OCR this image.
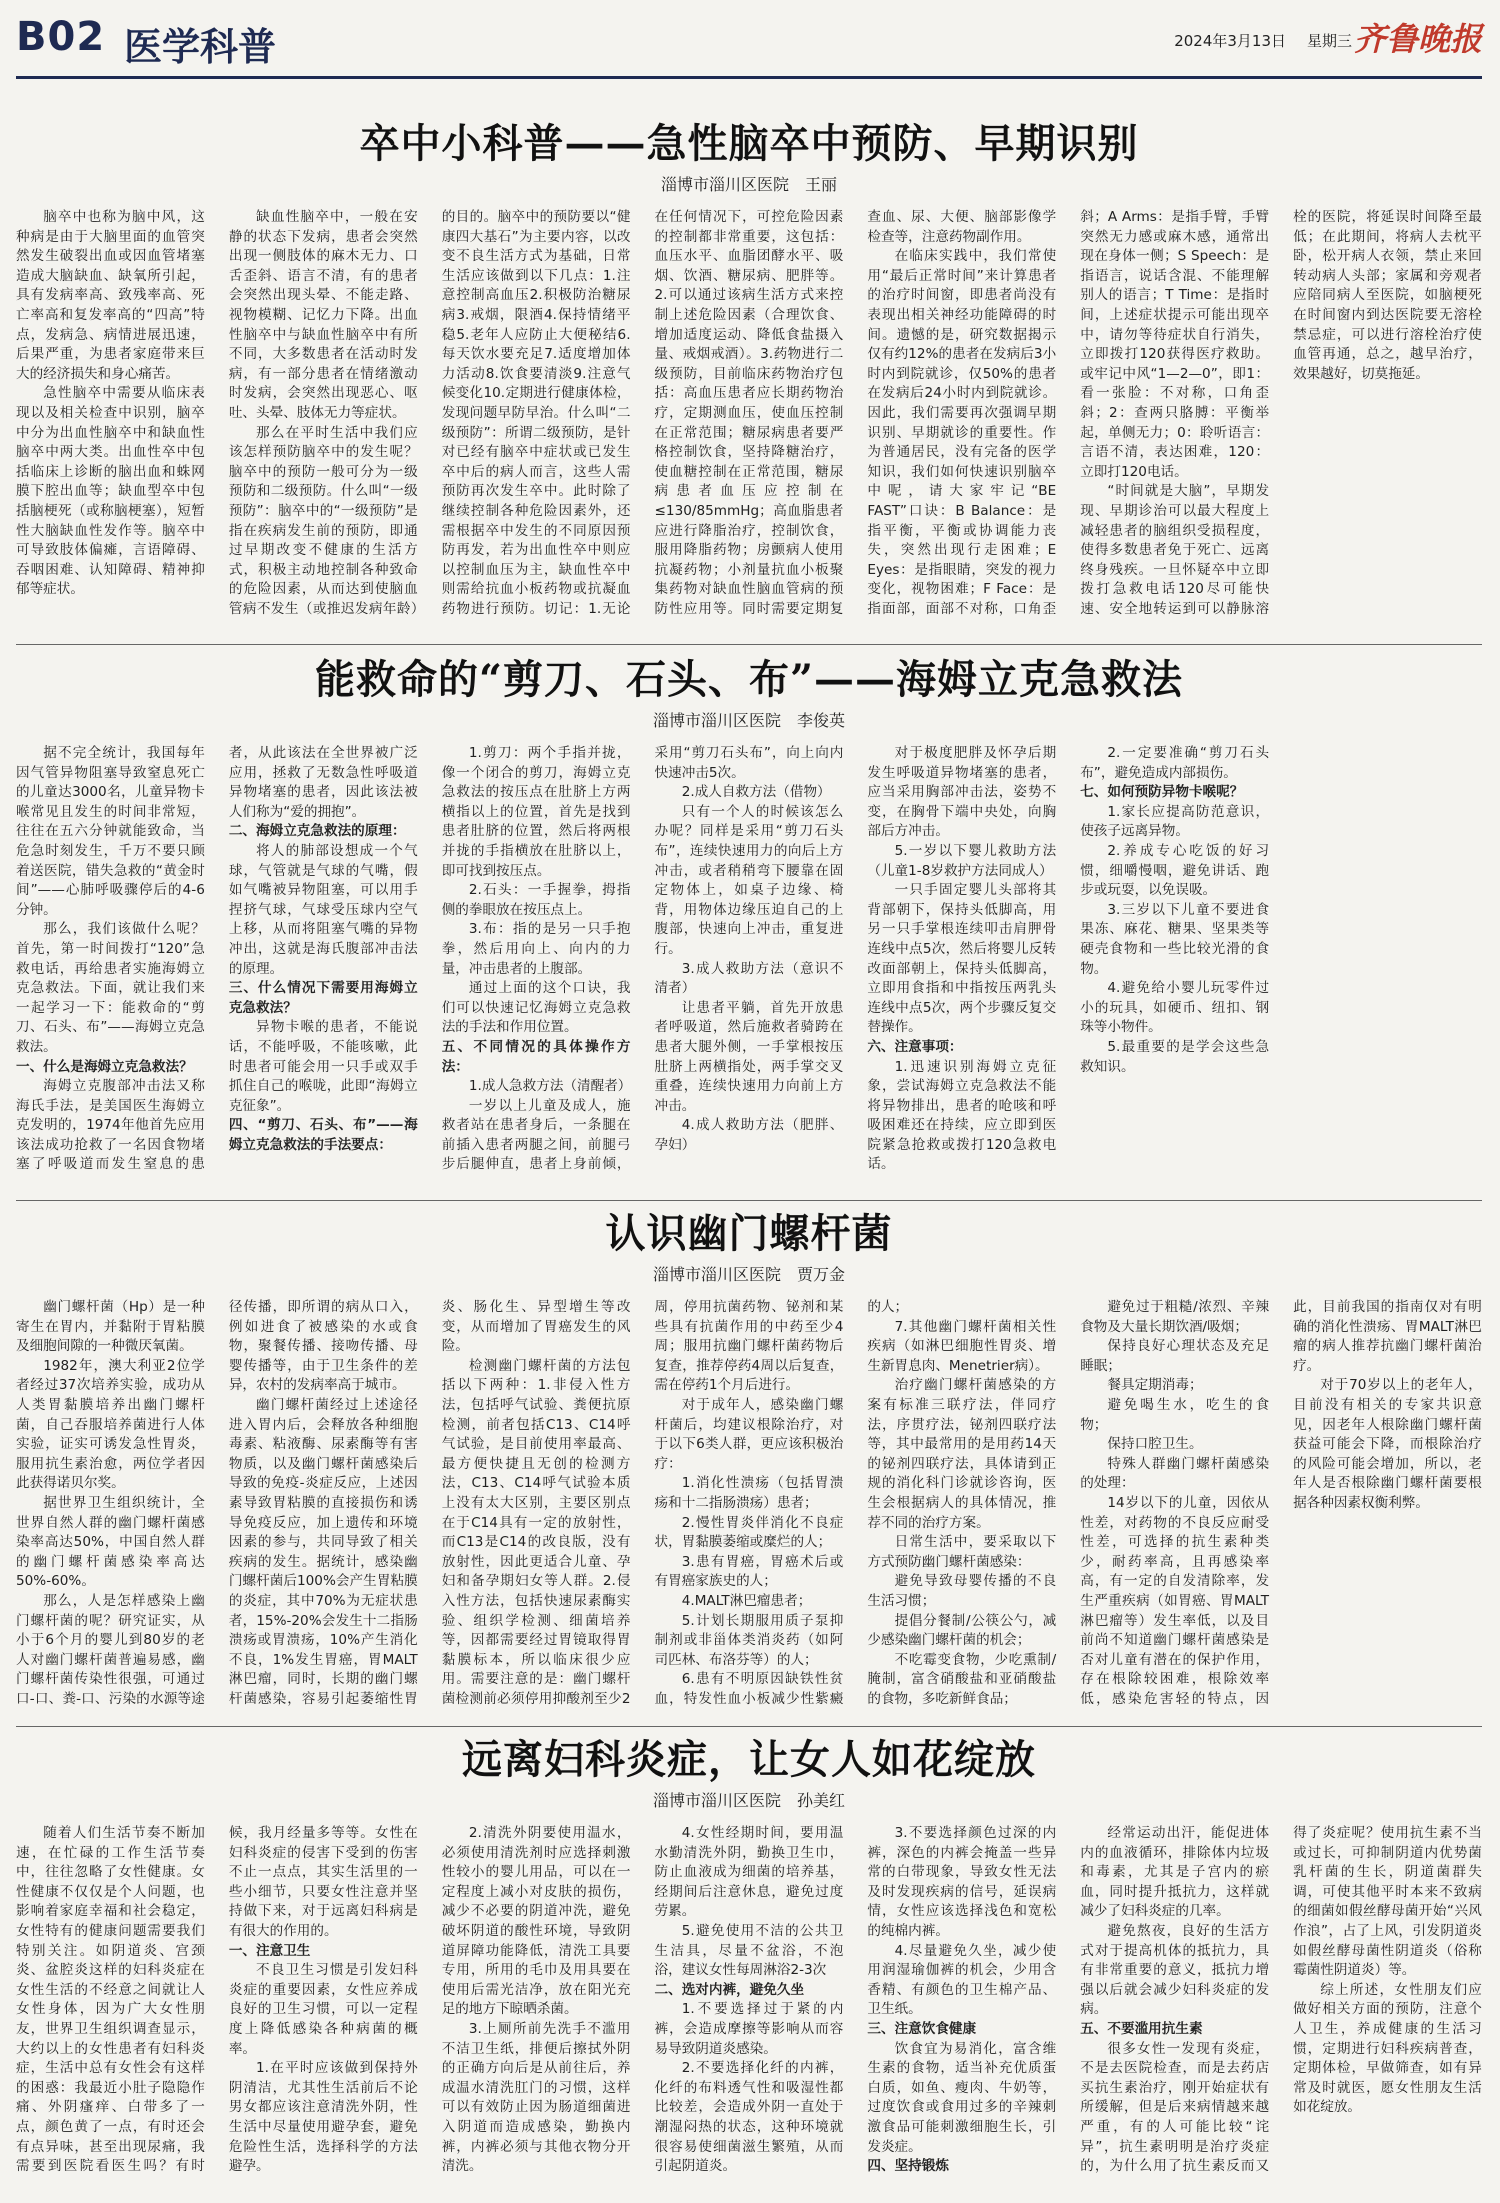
B02 医学科普	2024年3月13日 星期三 齐鲁晚报
卒中小科普——急性脑卒中预防、早期识别
淄博市淄川区医院　王丽

脑卒中也称为脑中风，这种病是由于大脑里面的血管突然发生破裂出血或因血管堵塞造成大脑缺血、缺氧所引起，具有发病率高、致残率高、死亡率高和复发率高的“四高”特点，发病急、病情进展迅速，后果严重，为患者家庭带来巨大的经济损失和身心痛苦。

急性脑卒中需要从临床表现以及相关检查中识别，脑卒中分为出血性脑卒中和缺血性脑卒中两大类。出血性卒中包括临床上诊断的脑出血和蛛网膜下腔出血等；缺血型卒中包括脑梗死（或称脑梗塞），短暂性大脑缺血性发作等。脑卒中可导致肢体偏瘫，言语障碍、吞咽困难、认知障碍、精神抑郁等症状。

缺血性脑卒中，一般在安静的状态下发病，患者会突然出现一侧肢体的麻木无力、口舌歪斜、语言不清，有的患者会突然出现头晕、不能走路、视物模糊、记忆力下降。出血性脑卒中与缺血性脑卒中有所不同，大多数患者在活动时发病，有一部分患者在情绪激动时发病，会突然出现恶心、呕吐、头晕、肢体无力等症状。

那么在平时生活中我们应该怎样预防脑卒中的发生呢？脑卒中的预防一般可分为一级预防和二级预防。什么叫“一级预防”：脑卒中的“一级预防”是指在疾病发生前的预防，即通过早期改变不健康的生活方式，积极主动地控制各种致命的危险因素，从而达到使脑血管病不发生（或推迟发病年龄）的目的。脑卒中的预防要以“健康四大基石”为主要内容，以改变不良生活方式为基础，日常生活应该做到以下几点：1.注意控制高血压2.积极防治糖尿病3.戒烟，限酒4.保持情绪平稳5.老年人应防止大便秘结6.每天饮水要充足7.适度增加体力活动8.饮食要清淡9.注意气候变化10.定期进行健康体检，发现问题早防早治。什么叫“二级预防”：所谓二级预防，是针对已经有脑卒中症状或已发生卒中后的病人而言，这些人需预防再次发生卒中。此时除了继续控制各种危险因素外，还需根据卒中发生的不同原因预防再发，若为出血性卒中则应以控制血压为主，缺血性卒中则需给抗血小板药物或抗凝血药物进行预防。切记：1.无论在任何情况下，可控危险因素的控制都非常重要，这包括：血压水平、血脂团酵水平、吸烟、饮酒、糖尿病、肥胖等。2.可以通过该病生活方式来控制上述危险因素（合理饮食、增加适度运动、降低食盐摄入量、戒烟戒酒）。3.药物进行二级预防，目前临床药物治疗包括：高血压患者应长期药物治疗，定期测血压，使血压控制在正常范围；糖尿病患者要严格控制饮食，坚持降糖治疗，使血糖控制在正常范围，糖尿病患者血压应控制在≤130/85mmHg；高血脂患者应进行降脂治疗，控制饮食，服用降脂药物；房颤病人使用抗凝药物；小剂量抗血小板聚集药物对缺血性脑血管病的预防性应用等。同时需要定期复查血、尿、大便、脑部影像学检查等，注意药物副作用。

在临床实践中，我们常使用“最后正常时间”来计算患者的治疗时间窗，即患者尚没有表现出相关神经功能障碍的时间。遗憾的是，研究数据揭示仅有约12%的患者在发病后3小时内到院就诊，仅50%的患者在发病后24小时内到院就诊。因此，我们需要再次强调早期识别、早期就诊的重要性。作为普通居民，没有完备的医学知识，我们如何快速识别脑卒中呢，请大家牢记“BE FAST”口诀：B Balance：是指平衡，平衡或协调能力丧失，突然出现行走困难；E Eyes：是指眼睛，突发的视力变化，视物困难；F Face：是指面部，面部不对称，口角歪斜；A Arms：是指手臂，手臂突然无力感或麻木感，通常出现在身体一侧；S Speech：是指语言，说话含混、不能理解别人的语言；T Time：是指时间，上述症状提示可能出现卒中，请勿等待症状自行消失，立即拨打120获得医疗救助。或牢记中风“1—2—0”，即1：看一张脸：不对称，口角歪斜；2：查两只胳膊：平衡举起，单侧无力；0：聆听语言：言语不清，表达困难，120：立即打120电话。

“时间就是大脑”，早期发现、早期诊治可以最大程度上减轻患者的脑组织受损程度，使得多数患者免于死亡、远离终身残疾。一旦怀疑卒中立即拨打急救电话120尽可能快速、安全地转运到可以静脉溶栓的医院，将延误时间降至最低；在此期间，将病人去枕平卧，松开病人衣领，禁止来回转动病人头部；家属和旁观者应陪同病人至医院，如脑梗死在时间窗内到达医院要无溶栓禁忌症，可以进行溶栓治疗使血管再通，总之，越早治疗，效果越好，切莫拖延。

能救命的“剪刀、石头、布”——海姆立克急救法
淄博市淄川区医院　李俊英

据不完全统计，我国每年因气管异物阻塞导致窒息死亡的儿童达3000名，儿童异物卡喉常见且发生的时间非常短，往往在五六分钟就能致命，当危急时刻发生，千万不要只顾着送医院，错失急救的“黄金时间”——心肺呼吸骤停后的4-6分钟。

那么，我们该做什么呢？首先，第一时间拨打“120”急救电话，再给患者实施海姆立克急救法。下面，就让我们来一起学习一下：能救命的“剪刀、石头、布”——海姆立克急救法。

一、什么是海姆立克急救法？

海姆立克腹部冲击法又称海氏手法，是美国医生海姆立克发明的，1974年他首先应用该法成功抢救了一名因食物堵塞了呼吸道而发生窒息的患者，从此该法在全世界被广泛应用，拯救了无数急性呼吸道异物堵塞的患者，因此该法被人们称为“爱的拥抱”。

二、海姆立克急救法的原理：

将人的肺部设想成一个气球，气管就是气球的气嘴，假如气嘴被异物阻塞，可以用手捏挤气球，气球受压球内空气上移，从而将阻塞气嘴的异物冲出，这就是海氏腹部冲击法的原理。

三、什么情况下需要用海姆立克急救法？

异物卡喉的患者，不能说话，不能呼吸，不能咳嗽，此时患者可能会用一只手或双手抓住自己的喉咙，此即“海姆立克征象”。

四、“剪刀、石头、布”——海姆立克急救法的手法要点：

1.剪刀：两个手指并拢，像一个闭合的剪刀，海姆立克急救法的按压点在肚脐上方两横指以上的位置，首先是找到患者肚脐的位置，然后将两根并拢的手指横放在肚脐以上，即可找到按压点。

2.石头：一手握拳，拇指侧的拳眼放在按压点上。

3.布：指的是另一只手抱拳，然后用向上、向内的力量，冲击患者的上腹部。

通过上面的这个口诀，我们可以快速记忆海姆立克急救法的手法和作用位置。

五、不同情况的具体操作方法：

1.成人急救方法（清醒者）

一岁以上儿童及成人，施救者站在患者身后，一条腿在前插入患者两腿之间，前腿弓步后腿伸直，患者上身前倾，采用“剪刀石头布”，向上向内快速冲击5次。

2.成人自救方法（借物）

只有一个人的时候该怎么办呢？同样是采用“剪刀石头布”，连续快速用力的向后上方冲击，或者稍稍弯下腰靠在固定物体上，如桌子边缘、椅背，用物体边缘压迫自己的上腹部，快速向上冲击，重复进行。

3.成人救助方法（意识不清者）

让患者平躺，首先开放患者呼吸道，然后施救者骑跨在患者大腿外侧，一手掌根按压肚脐上两横指处，两手掌交叉重叠，连续快速用力向前上方冲击。

4.成人救助方法（肥胖、孕妇）

对于极度肥胖及怀孕后期发生呼吸道异物堵塞的患者，应当采用胸部冲击法，姿势不变，在胸骨下端中央处，向胸部后方冲击。

5.一岁以下婴儿救助方法（儿童1-8岁救护方法同成人）

一只手固定婴儿头部将其背部朝下，保持头低脚高，用另一只手掌根连续叩击肩胛骨连线中点5次，然后将婴儿反转改面部朝上，保持头低脚高，立即用食指和中指按压两乳头连线中点5次，两个步骤反复交替操作。

六、注意事项：

1.迅速识别海姆立克征象，尝试海姆立克急救法不能将异物排出，患者的呛咳和呼吸困难还在持续，应立即到医院紧急抢救或拨打120急救电话。

2.一定要准确“剪刀石头布”，避免造成内部损伤。

七、如何预防异物卡喉呢？

1.家长应提高防范意识，使孩子远离异物。

2.养成专心吃饭的好习惯，细嚼慢咽，避免讲话、跑步或玩耍，以免误吸。

3.三岁以下儿童不要进食果冻、麻花、糖果、坚果类等硬壳食物和一些比较光滑的食物。

4.避免给小婴儿玩零件过小的玩具，如硬币、纽扣、钢珠等小物件。

5.最重要的是学会这些急救知识。

认识幽门螺杆菌
淄博市淄川区医院　贾万金

幽门螺杆菌（Hp）是一种寄生在胃内，并黏附于胃粘膜及细胞间隙的一种微厌氧菌。

1982年，澳大利亚2位学者经过37次培养实验，成功从人类胃黏膜培养出幽门螺杆菌，自己吞服培养菌进行人体实验，证实可诱发急性胃炎，服用抗生素治愈，两位学者因此获得诺贝尔奖。

据世界卫生组织统计，全世界自然人群的幽门螺杆菌感染率高达50%，中国自然人群的幽门螺杆菌感染率高达50%-60%。

那么，人是怎样感染上幽门螺杆菌的呢？研究证实，从小于6个月的婴儿到80岁的老人对幽门螺杆菌普遍易感，幽门螺杆菌传染性很强，可通过口-口、粪-口、污染的水源等途径传播，即所谓的病从口入，例如进食了被感染的水或食物，聚餐传播、接吻传播、母婴传播等，由于卫生条件的差异，农村的发病率高于城市。

幽门螺杆菌经过上述途径进入胃内后，会释放各种细胞毒素、粘液酶、尿素酶等有害物质，以及幽门螺杆菌感染后导致的免疫-炎症反应，上述因素导致胃粘膜的直接损伤和诱导免疫反应，加上遗传和环境因素的参与，共同导致了相关疾病的发生。据统计，感染幽门螺杆菌后100%会产生胃粘膜的炎症，其中70%为无症状患者，15%-20%会发生十二指肠溃疡或胃溃疡，10%产生消化不良，1%发生胃癌，胃MALT淋巴瘤，同时，长期的幽门螺杆菌感染，容易引起萎缩性胃炎、肠化生、异型增生等改变，从而增加了胃癌发生的风险。

检测幽门螺杆菌的方法包括以下两种：1.非侵入性方法，包括呼气试验、粪便抗原检测，前者包括C13、C14呼气试验，是目前使用率最高、最方便快捷且无创的检测方法，C13、C14呼气试验本质上没有太大区别，主要区别点在于C14具有一定的放射性，而C13是C14的改良版，没有放射性，因此更适合儿童、孕妇和备孕期妇女等人群。2.侵入性方法，包括快速尿素酶实验、组织学检测、细菌培养等，因都需要经过胃镜取得胃黏膜标本，所以临床很少应用。需要注意的是：幽门螺杆菌检测前必须停用抑酸剂至少2周，停用抗菌药物、铋剂和某些具有抗菌作用的中药至少4周；服用抗幽门螺杆菌药物后复查，推荐停药4周以后复查，需在停药1个月后进行。

对于成年人，感染幽门螺杆菌后，均建议根除治疗，对于以下6类人群，更应该积极治疗：

1.消化性溃疡（包括胃溃疡和十二指肠溃疡）患者；

2.慢性胃炎伴消化不良症状，胃黏膜萎缩或糜烂的人；

3.患有胃癌，胃癌术后或有胃癌家族史的人；

4.MALT淋巴瘤患者；

5.计划长期服用质子泵抑制剂或非甾体类消炎药（如阿司匹林、布洛芬等）的人；

6.患有不明原因缺铁性贫血，特发性血小板减少性紫癜的人；

7.其他幽门螺杆菌相关性疾病（如淋巴细胞性胃炎、增生新胃息肉、Menetrier病）。

治疗幽门螺杆菌感染的方案有标准三联疗法，伴同疗法，序贯疗法，铋剂四联疗法等，其中最常用的是用药14天的铋剂四联疗法，具体请到正规的消化科门诊就诊咨询，医生会根据病人的具体情况，推荐不同的治疗方案。

日常生活中，要采取以下方式预防幽门螺杆菌感染：

避免导致母婴传播的不良生活习惯；

提倡分餐制/公筷公勺，减少感染幽门螺杆菌的机会；

不吃霉变食物，少吃熏制/腌制，富含硝酸盐和亚硝酸盐的食物，多吃新鲜食品；

避免过于粗糙/浓烈、辛辣食物及大量长期饮酒/吸烟；

保持良好心理状态及充足睡眠；

餐具定期消毒；

避免喝生水，吃生的食物；

保持口腔卫生。

特殊人群幽门螺杆菌感染的处理：

14岁以下的儿童，因依从性差，对药物的不良反应耐受性差，可选择的抗生素种类少，耐药率高，且再感染率高，有一定的自发清除率，发生严重疾病（如胃癌、胃MALT淋巴瘤等）发生率低，以及目前尚不知道幽门螺杆菌感染是否对儿童有潜在的保护作用，存在根除较困难，根除效率低，感染危害轻的特点，因此，目前我国的指南仅对有明确的消化性溃疡、胃MALT淋巴瘤的病人推荐抗幽门螺杆菌治疗。

对于70岁以上的老年人，目前没有相关的专家共识意见，因老年人根除幽门螺杆菌获益可能会下降，而根除治疗的风险可能会增加，所以，老年人是否根除幽门螺杆菌要根据各种因素权衡利弊。

远离妇科炎症，让女人如花绽放
淄博市淄川区医院　孙美红

随着人们生活节奏不断加速，在忙碌的工作生活节奏中，往往忽略了女性健康。女性健康不仅仅是个人问题，也影响着家庭幸福和社会稳定，女性特有的健康问题需要我们特别关注。如阴道炎、宫颈炎、盆腔炎这样的妇科炎症在女性生活的不经意之间就让人女性身体，因为广大女性朋友，世界卫生组织调查显示，大约以上的女性患者有妇科炎症，生活中总有女性会有这样的困惑：我最近小肚子隐隐作痛、外阴瘙痒、白带多了一点，颜色黄了一点，有时还会有点异味，甚至出现尿痛，我需要到医院看医生吗？有时候，我月经量多等等。女性在妇科炎症的侵害下受到的伤害不止一点点，其实生活里的一些小细节，只要女性注意并坚持做下来，对于远离妇科病是有很大的作用的。

一、注意卫生

不良卫生习惯是引发妇科炎症的重要因素，女性应养成良好的卫生习惯，可以一定程度上降低感染各种病菌的概率。

1.在平时应该做到保持外阴清洁，尤其性生活前后不论男女都应该注意清洗外阴，性生活中尽量使用避孕套，避免危险性生活，选择科学的方法避孕。

2.清洗外阴要使用温水，必须使用清洗剂时应选择刺激性较小的婴儿用品，可以在一定程度上减小对皮肤的损伤，减少不必要的阴道冲洗，避免破坏阴道的酸性环境，导致阴道屏障功能降低，清洗工具要专用，所用的毛巾及用具要在使用后需光洁净，放在阳光充足的地方下晾晒杀菌。

3.上厕所前先洗手不滥用不洁卫生纸，排便后擦拭外阴的正确方向后是从前往后，养成温水清洗肛门的习惯，这样可以有效防止因为肠道细菌进入阴道而造成感染，勤换内裤，内裤必须与其他衣物分开清洗。

4.女性经期时间，要用温水勤清洗外阴，勤换卫生巾，防止血液成为细菌的培养基，经期间后注意休息，避免过度劳累。

5.避免使用不洁的公共卫生洁具，尽量不盆浴，不泡浴，建议女性每周淋浴2-3次

二、选对内裤，避免久坐

1.不要选择过于紧的内裤，会造成摩擦等影响从而容易导致阴道炎感染。

2.不要选择化纤的内裤，化纤的布料透气性和吸湿性都比较差，会造成外阴一直处于潮湿闷热的状态，这种环境就很容易使细菌滋生繁殖，从而引起阴道炎。

3.不要选择颜色过深的内裤，深色的内裤会掩盖一些异常的白带现象，导致女性无法及时发现疾病的信号，延误病情，女性应该选择浅色和宽松的纯棉内裤。

4.尽量避免久坐，减少使用润湿瑜伽裤的机会，少用含香精、有颜色的卫生棉产品、卫生纸。

三、注意饮食健康

饮食宜为易消化，富含维生素的食物，适当补充优质蛋白质，如鱼、瘦肉、牛奶等，过度饮食或食用过多的辛辣刺激食品可能刺激细胞生长，引发炎症。

四、坚持锻炼

经常运动出汗，能促进体内的血液循环，排除体内垃圾和毒素，尤其是子宫内的瘀血，同时提升抵抗力，这样就减少了妇科炎症的几率。

避免熬夜，良好的生活方式对于提高机体的抵抗力，具有非常重要的意义，抵抗力增强以后就会减少妇科炎症的发病。

五、不要滥用抗生素

很多女性一发现有炎症，不是去医院检查，而是去药店买抗生素治疗，刚开始症状有所缓解，但是后来病情越来越严重，有的人可能比较“诧异”，抗生素明明是治疗炎症的，为什么用了抗生素反而又得了炎症呢？使用抗生素不当或过长，可抑制阴道内优势菌乳杆菌的生长，阴道菌群失调，可使其他平时本来不致病的细菌如假丝酵母菌开始“兴风作浪”，占了上风，引发阴道炎如假丝酵母菌性阴道炎（俗称霉菌性阴道炎）等。

综上所述，女性朋友们应做好相关方面的预防，注意个人卫生，养成健康的生活习惯，定期进行妇科疾病普查，定期体检，早做筛查，如有异常及时就医，愿女性朋友生活如花绽放。
